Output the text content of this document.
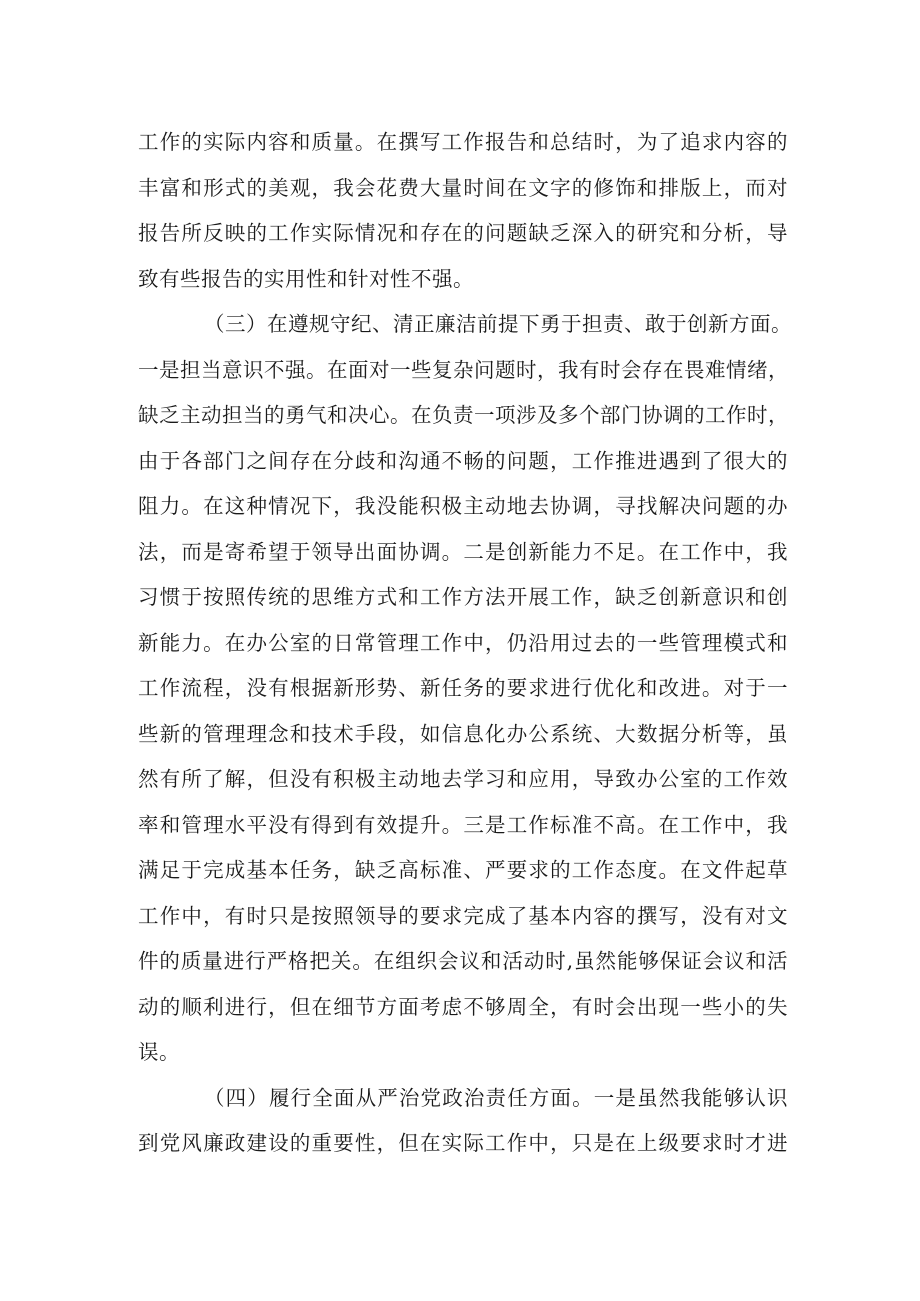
工作的实际内容和质量。在撰写工作报告和总结时，为了追求内容的
丰富和形式的美观，我会花费大量时间在文字的修饰和排版上，而对
报告所反映的工作实际情况和存在的问题缺乏深入的研究和分析，导
致有些报告的实用性和针对性不强。
（三）在遵规守纪、清正廉洁前提下勇于担责、敢于创新方面。
一是担当意识不强。在面对一些复杂问题时，我有时会存在畏难情绪，
缺乏主动担当的勇气和决心。在负责一项涉及多个部门协调的工作时，
由于各部门之间存在分歧和沟通不畅的问题，工作推进遇到了很大的
阻力。在这种情况下，我没能积极主动地去协调，寻找解决问题的办
法，而是寄希望于领导出面协调。二是创新能力不足。在工作中，我
习惯于按照传统的思维方式和工作方法开展工作，缺乏创新意识和创
新能力。在办公室的日常管理工作中，仍沿用过去的一些管理模式和
工作流程，没有根据新形势、新任务的要求进行优化和改进。对于一
些新的管理理念和技术手段，如信息化办公系统、大数据分析等，虽
然有所了解，但没有积极主动地去学习和应用，导致办公室的工作效
率和管理水平没有得到有效提升。三是工作标准不高。在工作中，我
满足于完成基本任务，缺乏高标准、严要求的工作态度。在文件起草
工作中，有时只是按照领导的要求完成了基本内容的撰写，没有对文
件的质量进行严格把关。在组织会议和活动时,虽然能够保证会议和活
动的顺利进行，但在细节方面考虑不够周全，有时会出现一些小的失
误。
（四）履行全面从严治党政治责任方面。一是虽然我能够认识
到党风廉政建设的重要性，但在实际工作中，只是在上级要求时才进
